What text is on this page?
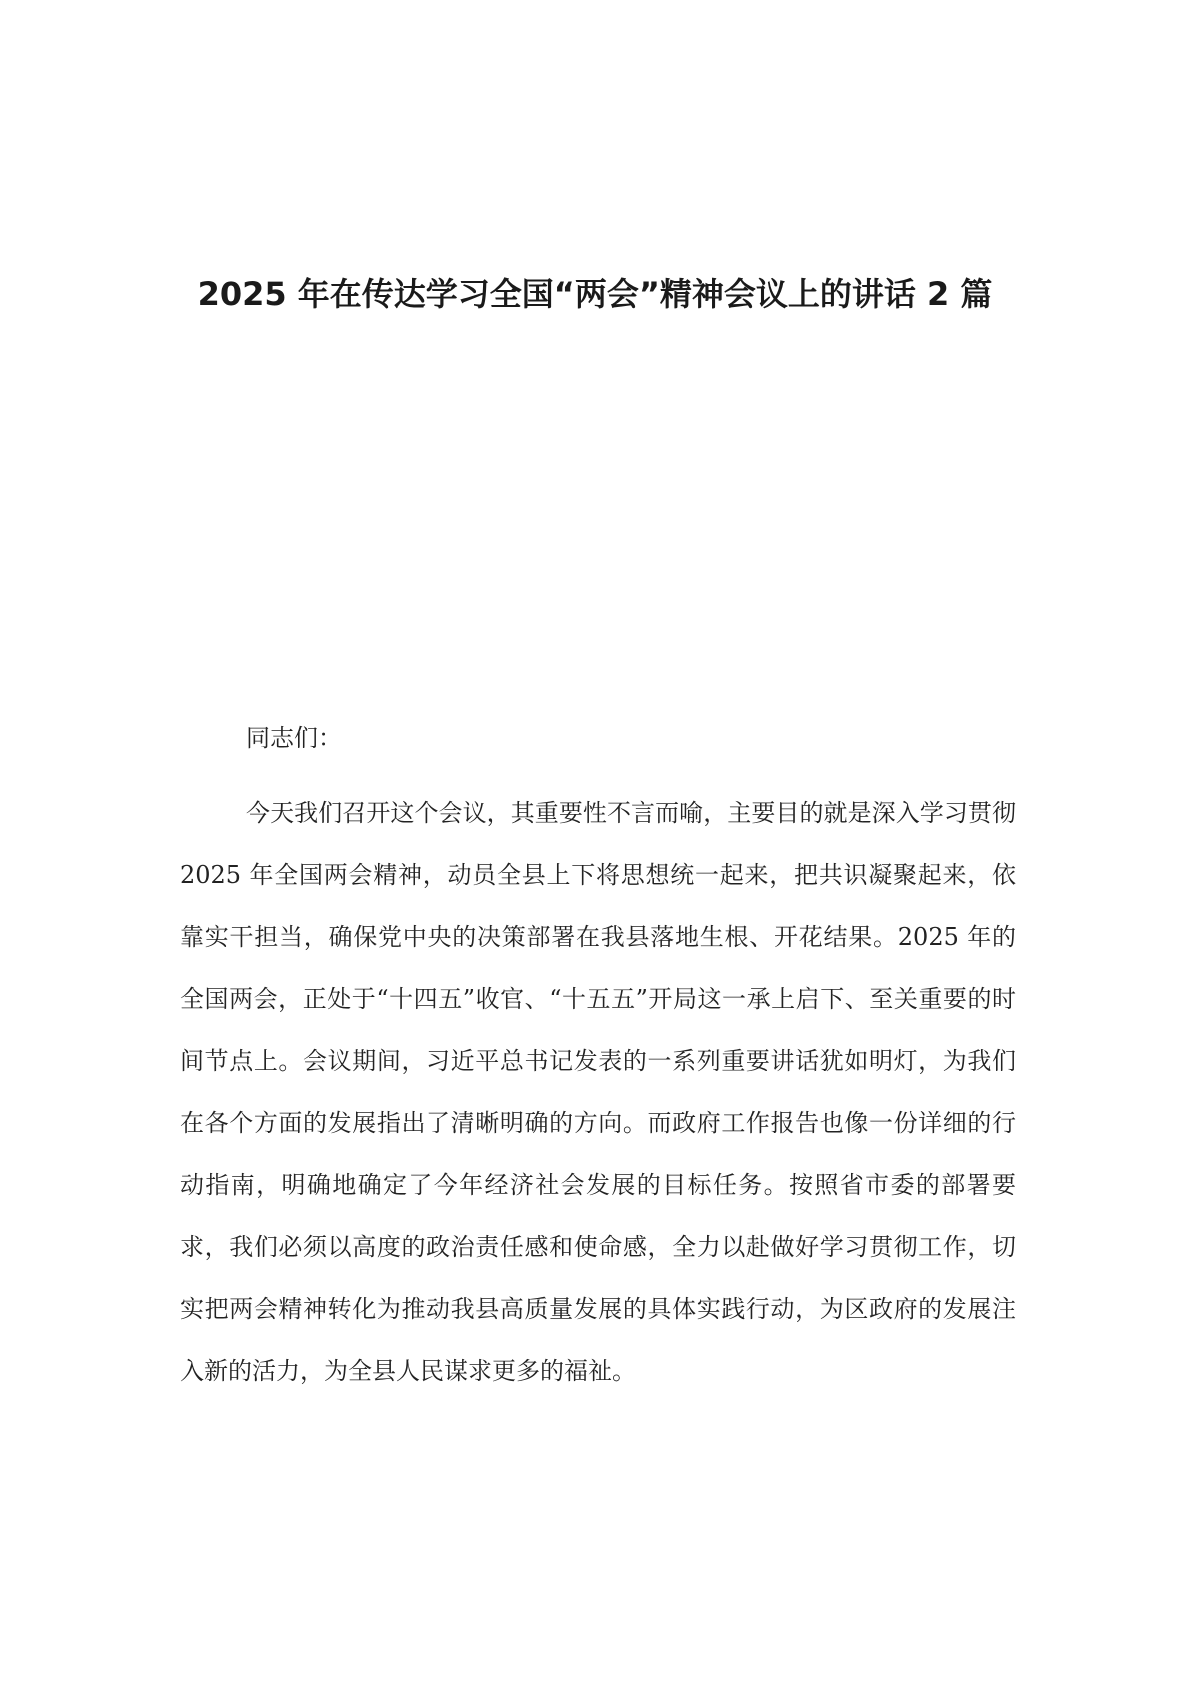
2025 年在传达学习全国“两会”精神会议上的讲话 2 篇

同志们：

今天我们召开这个会议，其重要性不言而喻，主要目的就是深入学习贯彻 2025 年全国两会精神，动员全县上下将思想统一起来，把共识凝聚起来，依靠实干担当，确保党中央的决策部署在我县落地生根、开花结果。2025 年的全国两会，正处于“十四五”收官、“十五五”开局这一承上启下、至关重要的时间节点上。会议期间，习近平总书记发表的一系列重要讲话犹如明灯，为我们在各个方面的发展指出了清晰明确的方向。而政府工作报告也像一份详细的行动指南，明确地确定了今年经济社会发展的目标任务。按照省市委的部署要求，我们必须以高度的政治责任感和使命感，全力以赴做好学习贯彻工作，切实把两会精神转化为推动我县高质量发展的具体实践行动，为区政府的发展注入新的活力，为全县人民谋求更多的福祉。
